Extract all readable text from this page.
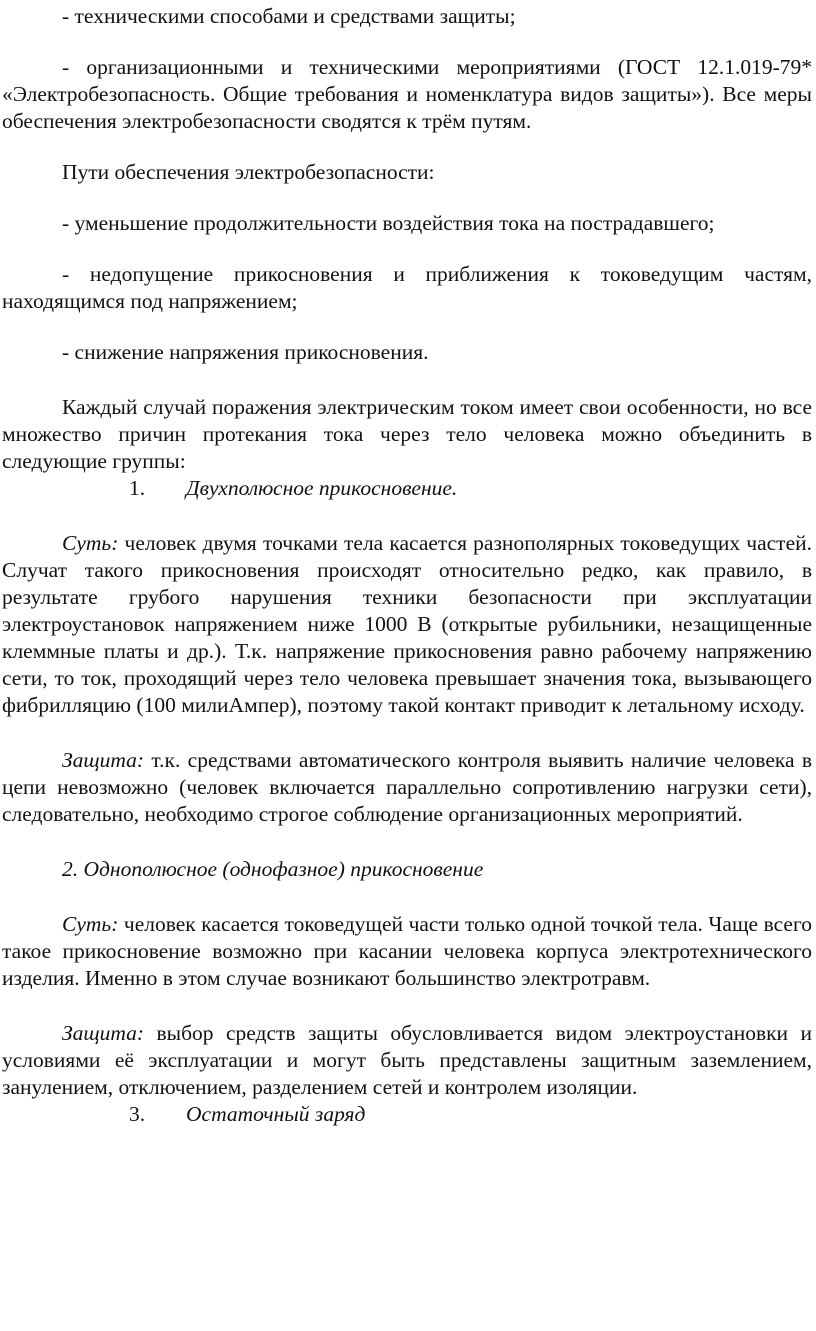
- техническими способами и средствами защиты;

- организационными и техническими мероприятиями (ГОСТ 12.1.019-79* «Электробезопасность. Общие требования и номенклатура видов защиты»). Все меры обеспечения электробезопасности сводятся к трём путям.

Пути обеспечения электробезопасности:

- уменьшение продолжительности воздействия тока на пострадавшего;

- недопущение прикосновения и приближения к токоведущим частям, находящимся под напряжением;

- снижение напряжения прикосновения.

Каждый случай поражения электрическим током имеет свои особенности, но все множество причин протекания тока через тело человека можно объединить в следующие группы:

1. Двухполюсное прикосновение.

Суть: человек двумя точками тела касается разнополярных токоведущих частей. Случат такого прикосновения происходят относительно редко, как правило, в результате грубого нарушения техники безопасности при эксплуатации электроустановок напряжением ниже 1000 В (открытые рубильники, незащищенные клеммные платы и др.). Т.к. напряжение прикосновения равно рабочему напряжению сети, то ток, проходящий через тело человека превышает значения тока, вызывающего фибрилляцию (100 милиАмпер), поэтому такой контакт приводит к летальному исходу.

Защита: т.к. средствами автоматического контроля выявить наличие человека в цепи невозможно (человек включается параллельно сопротивлению нагрузки сети), следовательно, необходимо строгое соблюдение организационных мероприятий.

2. Однополюсное (однофазное) прикосновение

Суть: человек касается токоведущей части только одной точкой тела. Чаще всего такое прикосновение возможно при касании человека корпуса электротехнического изделия. Именно в этом случае возникают большинство электротравм.

Защита: выбор средств защиты обусловливается видом электроустановки и условиями её эксплуатации и могут быть представлены защитным заземлением, занулением, отключением, разделением сетей и контролем изоляции.

3. Остаточный заряд
